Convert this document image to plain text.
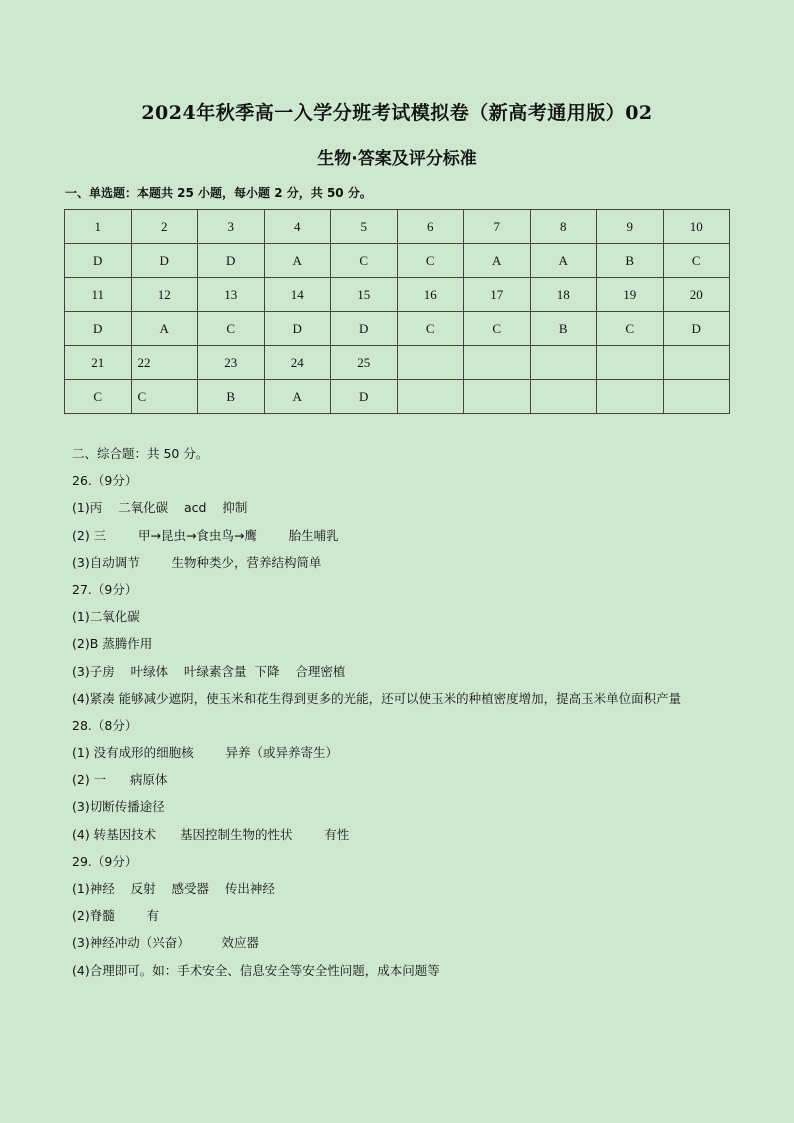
2024年秋季高一入学分班考试模拟卷（新高考通用版）02
生物·答案及评分标准
一、单选题：本题共 25 小题，每小题 2 分，共 50 分。
1	2	3	4	5	6	7	8	9	10
D	D	D	A	C	C	A	A	B	C
11	12	13	14	15	16	17	18	19	20
D	A	C	D	D	C	C	B	C	D
21	22	23	24	25					
C	C	B	A	D					
二、综合题：共 50 分。
26.（9分）
(1)丙    二氧化碳    acd    抑制
(2) 三        甲→昆虫→食虫鸟→鹰        胎生哺乳
(3)自动调节        生物种类少，营养结构简单
27.（9分）
(1)二氧化碳
(2)B 蒸腾作用
(3)子房    叶绿体    叶绿素含量  下降    合理密植
(4)紧凑 能够减少遮阴，使玉米和花生得到更多的光能，还可以使玉米的种植密度增加，提高玉米单位面积产量
28.（8分）
(1) 没有成形的细胞核        异养（或异养寄生）
(2) 一      病原体
(3)切断传播途径
(4) 转基因技术      基因控制生物的性状        有性
29.（9分）
(1)神经    反射    感受器    传出神经
(2)脊髓        有
(3)神经冲动（兴奋）        效应器
(4)合理即可。如：手术安全、信息安全等安全性问题，成本问题等
